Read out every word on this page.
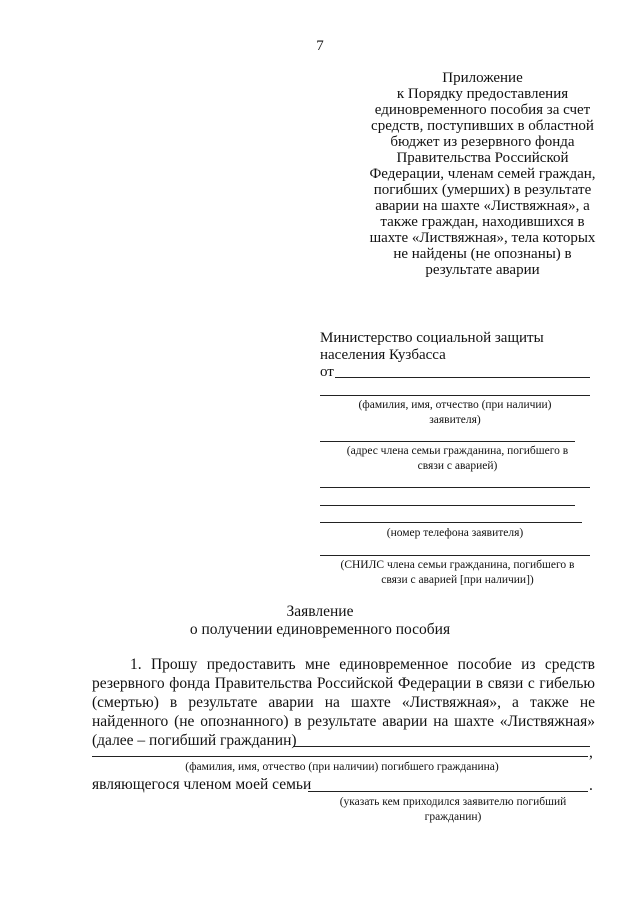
7
Приложение
к Порядку предоставления
единовременного пособия за счет
средств, поступивших в областной
бюджет из резервного фонда
Правительства Российской
Федерации, членам семей граждан,
погибших (умерших) в результате
аварии на шахте «Листвяжная», а
также граждан, находившихся в
шахте «Листвяжная», тела которых
не найдены (не опознаны) в
результате аварии
Министерство социальной защиты
населения Кузбасса
от
(фамилия, имя, отчество (при наличии)
заявителя)
(адрес члена семьи гражданина, погибшего в
связи с аварией)
(номер телефона заявителя)
(СНИЛС члена семьи гражданина, погибшего в
связи с аварией [при наличии])
Заявление
о получении единовременного пособия
1. Прошу предоставить мне единовременное пособие из средств
резервного фонда Правительства Российской Федерации в связи с гибелью
(смертью) в результате аварии на шахте «Листвяжная», а также не
найденного (не опознанного) в результате аварии на шахте «Листвяжная»
(далее – погибший гражданин)
,
(фамилия, имя, отчество (при наличии) погибшего гражданина)
являющегося членом моей семьи	.
(указать кем приходился заявителю погибший
гражданин)
